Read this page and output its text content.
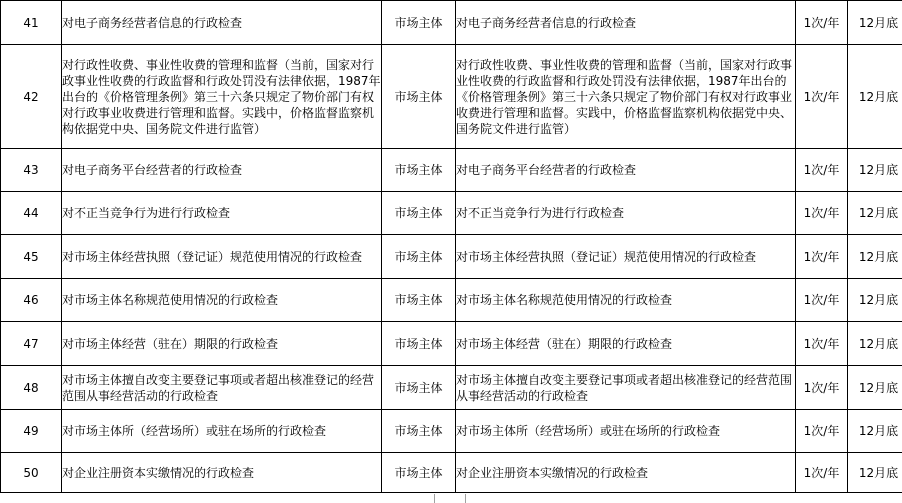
41	对电子商务经营者信息的行政检查	市场主体	对电子商务经营者信息的行政检查	1次/年	12月底
42	对行政性收费、事业性收费的管理和监督（当前，国家对行政事业性收费的行政监督和行政处罚没有法律依据，1987年出台的《价格管理条例》第三十六条只规定了物价部门有权对行政事业收费进行管理和监督。实践中，价格监督监察机构依据党中央、国务院文件进行监管）	市场主体	对行政性收费、事业性收费的管理和监督（当前，国家对行政事业性收费的行政监督和行政处罚没有法律依据，1987年出台的《价格管理条例》第三十六条只规定了物价部门有权对行政事业收费进行管理和监督。实践中，价格监督监察机构依据党中央、国务院文件进行监管）	1次/年	12月底
43	对电子商务平台经营者的行政检查	市场主体	对电子商务平台经营者的行政检查	1次/年	12月底
44	对不正当竞争行为进行行政检查	市场主体	对不正当竞争行为进行行政检查	1次/年	12月底
45	对市场主体经营执照（登记证）规范使用情况的行政检查	市场主体	对市场主体经营执照（登记证）规范使用情况的行政检查	1次/年	12月底
46	对市场主体名称规范使用情况的行政检查	市场主体	对市场主体名称规范使用情况的行政检查	1次/年	12月底
47	对市场主体经营（驻在）期限的行政检查	市场主体	对市场主体经营（驻在）期限的行政检查	1次/年	12月底
48	对市场主体擅自改变主要登记事项或者超出核准登记的经营范围从事经营活动的行政检查	市场主体	对市场主体擅自改变主要登记事项或者超出核准登记的经营范围从事经营活动的行政检查	1次/年	12月底
49	对市场主体所（经营场所）或驻在场所的行政检查	市场主体	对市场主体所（经营场所）或驻在场所的行政检查	1次/年	12月底
50	对企业注册资本实缴情况的行政检查	市场主体	对企业注册资本实缴情况的行政检查	1次/年	12月底
